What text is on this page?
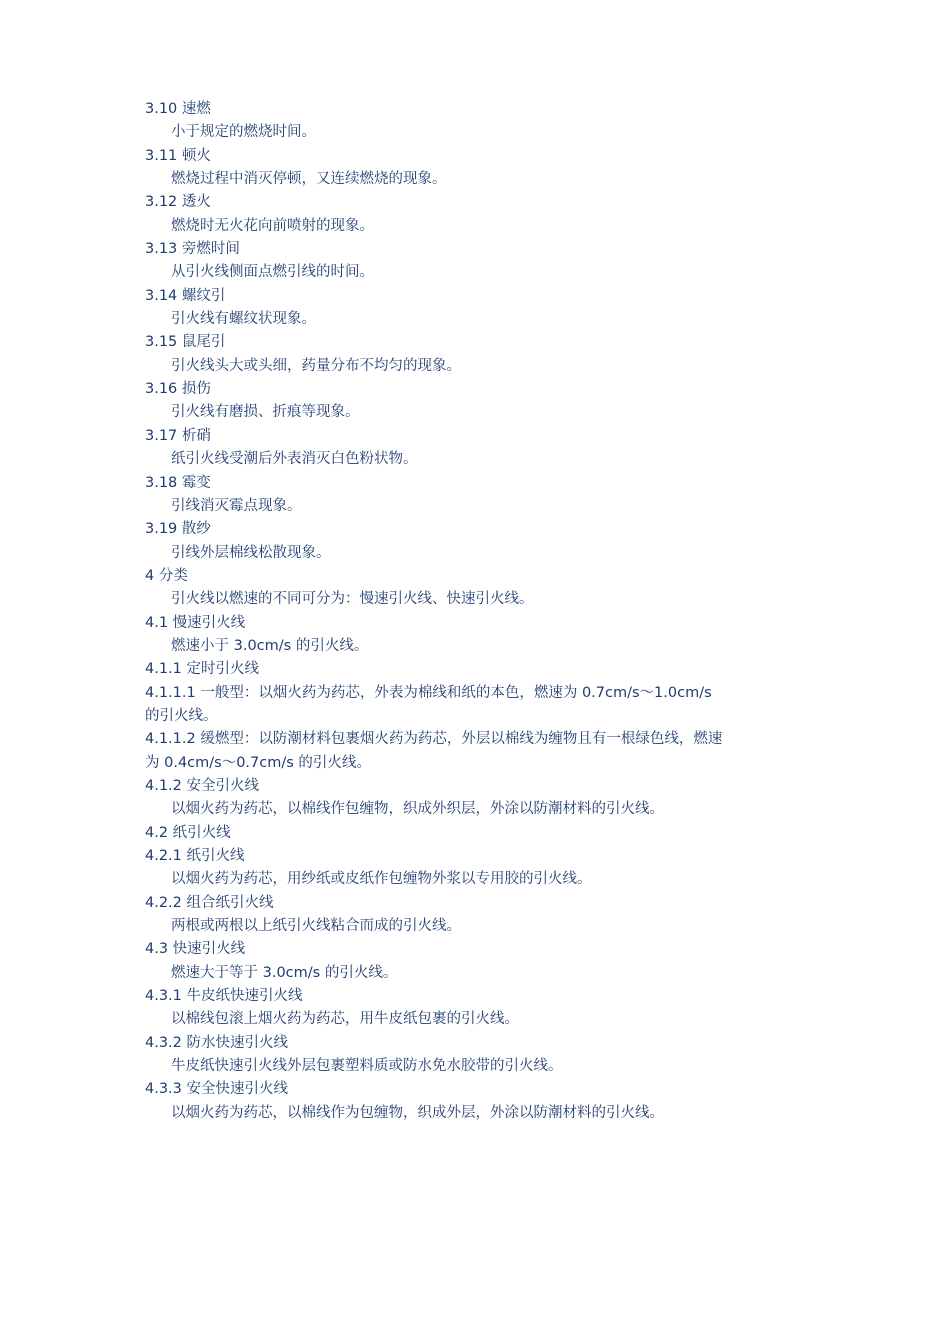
3.10 速燃
小于规定的燃烧时间。
3.11 顿火
燃烧过程中消灭停顿，又连续燃烧的现象。
3.12 透火
燃烧时无火花向前喷射的现象。
3.13 旁燃时间
从引火线侧面点燃引线的时间。
3.14 螺纹引
引火线有螺纹状现象。
3.15 鼠尾引
引火线头大或头细，药量分布不均匀的现象。
3.16 损伤
引火线有磨损、折痕等现象。
3.17 析硝
纸引火线受潮后外表消灭白色粉状物。
3.18 霉变
引线消灭霉点现象。
3.19 散纱
引线外层棉线松散现象。
4 分类
引火线以燃速的不同可分为：慢速引火线、快速引火线。
4.1 慢速引火线
燃速小于 3.0cm/s 的引火线。
4.1.1 定时引火线
4.1.1.1 一般型：以烟火药为药芯，外表为棉线和纸的本色，燃速为 0.7cm/s～1.0cm/s
的引火线。
4.1.1.2 缓燃型：以防潮材料包裹烟火药为药芯，外层以棉线为缠物且有一根绿色线，燃速
为 0.4cm/s～0.7cm/s 的引火线。
4.1.2 安全引火线
以烟火药为药芯，以棉线作包缠物，织成外织层，外涂以防潮材料的引火线。
4.2 纸引火线
4.2.1 纸引火线
以烟火药为药芯，用纱纸或皮纸作包缠物外浆以专用胶的引火线。
4.2.2 组合纸引火线
两根或两根以上纸引火线粘合而成的引火线。
4.3 快速引火线
燃速大于等于 3.0cm/s 的引火线。
4.3.1 牛皮纸快速引火线
以棉线包滚上烟火药为药芯，用牛皮纸包裹的引火线。
4.3.2 防水快速引火线
牛皮纸快速引火线外层包裹塑料质或防水免水胶带的引火线。
4.3.3 安全快速引火线
以烟火药为药芯，以棉线作为包缠物，织成外层，外涂以防潮材料的引火线。
